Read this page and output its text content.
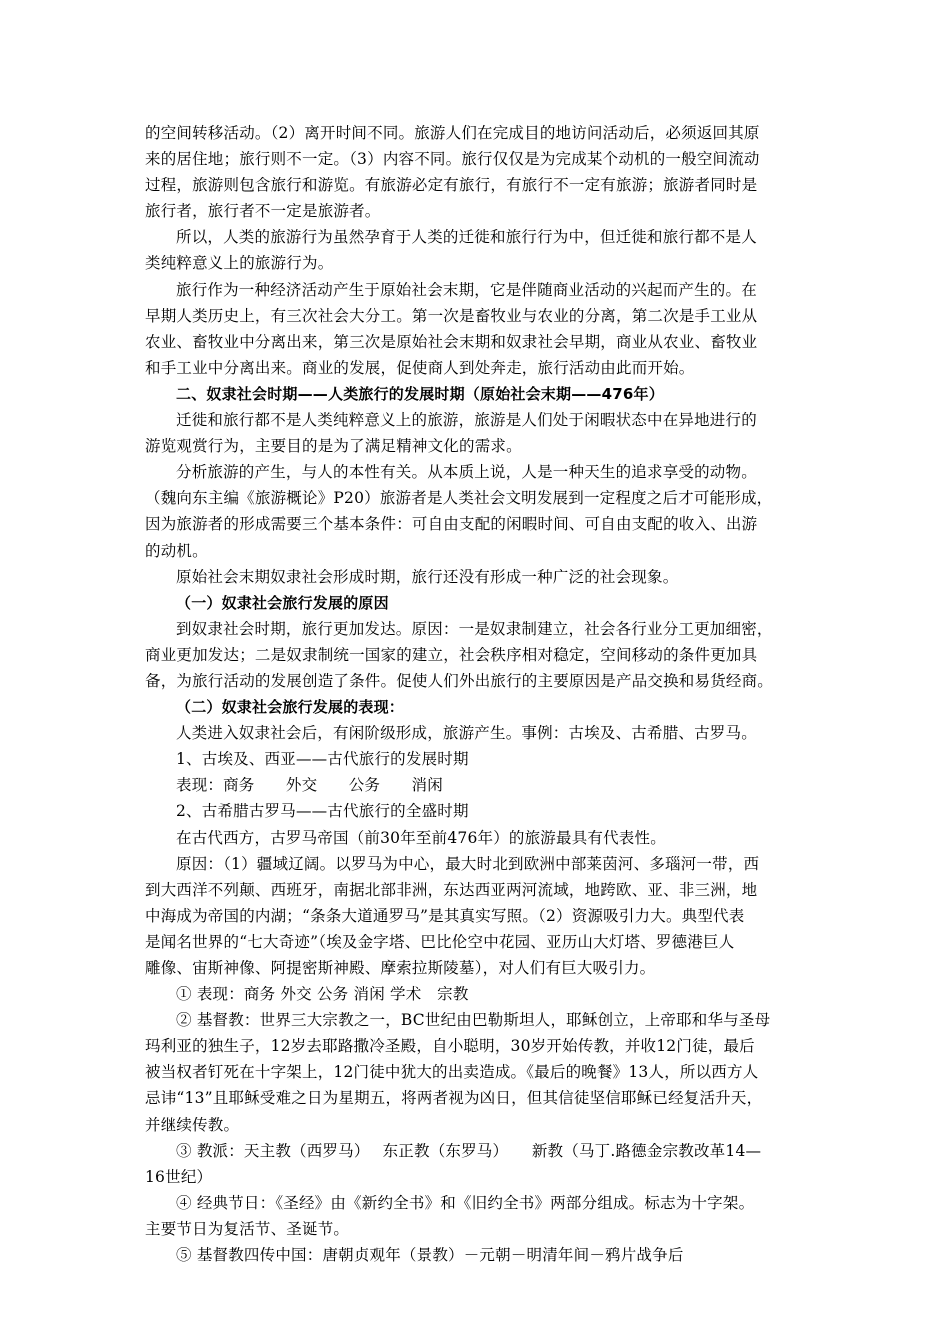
的空间转移活动。（2）离开时间不同。旅游人们在完成目的地访问活动后，必须返回其原
来的居住地；旅行则不一定。（3）内容不同。旅行仅仅是为完成某个动机的一般空间流动
过程，旅游则包含旅行和游览。有旅游必定有旅行，有旅行不一定有旅游；旅游者同时是
旅行者，旅行者不一定是旅游者。
所以，人类的旅游行为虽然孕育于人类的迁徙和旅行行为中，但迁徙和旅行都不是人
类纯粹意义上的旅游行为。
旅行作为一种经济活动产生于原始社会末期，它是伴随商业活动的兴起而产生的。在
早期人类历史上，有三次社会大分工。第一次是畜牧业与农业的分离，第二次是手工业从
农业、畜牧业中分离出来，第三次是原始社会末期和奴隶社会早期，商业从农业、畜牧业
和手工业中分离出来。商业的发展，促使商人到处奔走，旅行活动由此而开始。
二、奴隶社会时期——人类旅行的发展时期（原始社会末期——476年）
迁徙和旅行都不是人类纯粹意义上的旅游，旅游是人们处于闲暇状态中在异地进行的
游览观赏行为，主要目的是为了满足精神文化的需求。
分析旅游的产生，与人的本性有关。从本质上说，人是一种天生的追求享受的动物。
（魏向东主编《旅游概论》P20）旅游者是人类社会文明发展到一定程度之后才可能形成，
因为旅游者的形成需要三个基本条件：可自由支配的闲暇时间、可自由支配的收入、出游
的动机。
原始社会末期奴隶社会形成时期，旅行还没有形成一种广泛的社会现象。
（一）奴隶社会旅行发展的原因
到奴隶社会时期，旅行更加发达。原因：一是奴隶制建立，社会各行业分工更加细密，
商业更加发达；二是奴隶制统一国家的建立，社会秩序相对稳定，空间移动的条件更加具
备，为旅行活动的发展创造了条件。促使人们外出旅行的主要原因是产品交换和易货经商。
（二）奴隶社会旅行发展的表现：
人类进入奴隶社会后，有闲阶级形成，旅游产生。事例：古埃及、古希腊、古罗马。
1、古埃及、西亚——古代旅行的发展时期
表现：商务　　外交　　公务　　消闲
2、古希腊古罗马——古代旅行的全盛时期
在古代西方，古罗马帝国（前30年至前476年）的旅游最具有代表性。
原因：（1）疆域辽阔。以罗马为中心，最大时北到欧洲中部莱茵河、多瑙河一带，西
到大西洋不列颠、西班牙，南据北部非洲，东达西亚两河流域，地跨欧、亚、非三洲，地
中海成为帝国的内湖；“条条大道通罗马”是其真实写照。（2）资源吸引力大。典型代表
是闻名世界的“七大奇迹”（埃及金字塔、巴比伦空中花园、亚历山大灯塔、罗德港巨人
雕像、宙斯神像、阿提密斯神殿、摩索拉斯陵墓），对人们有巨大吸引力。
① 表现：商务 外交 公务 消闲 学术　宗教
② 基督教：世界三大宗教之一，BC世纪由巴勒斯坦人，耶稣创立，上帝耶和华与圣母
玛利亚的独生子，12岁去耶路撒冷圣殿，自小聪明，30岁开始传教，并收12门徒，最后
被当权者钉死在十字架上，12门徒中犹大的出卖造成。《最后的晚餐》13人，所以西方人
忌讳“13”且耶稣受难之日为星期五，将两者视为凶日，但其信徒坚信耶稣已经复活升天，
并继续传教。
③ 教派：天主教（西罗马）　 东正教（东罗马）　　新教（马丁.路德金宗教改革14—
16世纪）
④ 经典节日：《圣经》由《新约全书》和《旧约全书》两部分组成。标志为十字架。
主要节日为复活节、圣诞节。
⑤ 基督教四传中国：唐朝贞观年（景教）－元朝－明清年间－鸦片战争后
